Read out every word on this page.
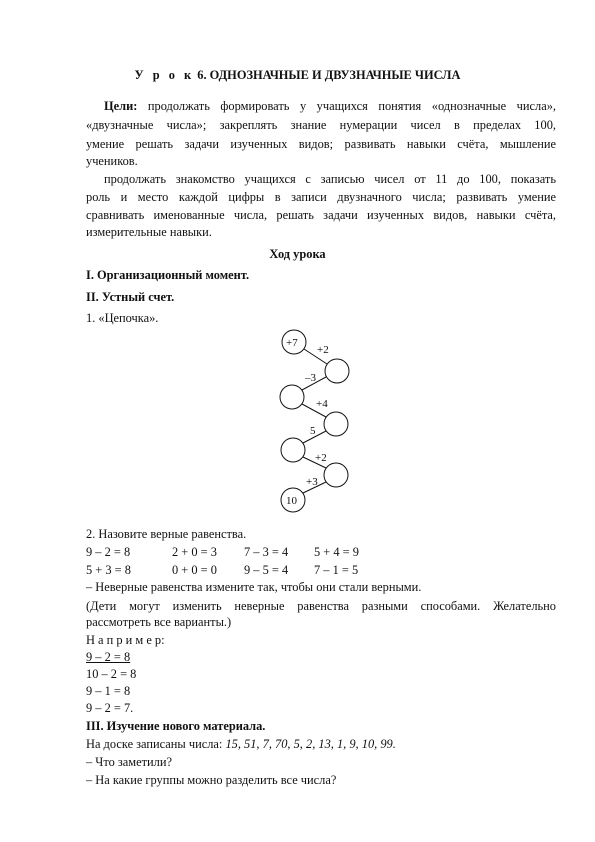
У р о к 6. ОДНОЗНАЧНЫЕ И ДВУЗНАЧНЫЕ ЧИСЛА
Цели: продолжать формировать у учащихся понятия «однозначные числа»,
«двузначные числа»; закреплять знание нумерации чисел в пределах 100,
умение решать задачи изученных видов; развивать навыки счёта, мышление
учеников.
продолжать знакомство учащихся с записью чисел от 11 до 100, показать
роль и место каждой цифры в записи двузначного числа; развивать умение
сравнивать именованные числа, решать задачи изученных видов, навыки счёта,
измерительные навыки.
Ход урока
I. Организационный момент.
II. Устный счет.
1. «Цепочка».
+7
+2
–3
+4
5
+2
+3
10
2. Назовите верные равенства.
9 – 2 = 8	2 + 0 = 3 7 – 3 = 4 5 + 4 = 9
5 + 3 = 8	0 + 0 = 0 9 – 5 = 4 7 – 1 = 5
– Неверные равенства измените так, чтобы они стали верными.
(Дети могут изменить неверные равенства разными способами. Желательно
рассмотреть все варианты.)
Н а п р и м е р:
9 – 2 = 8
10 – 2 = 8
9 – 1 = 8
9 – 2 = 7.
III. Изучение нового материала.
На доске записаны числа: 15, 51, 7, 70, 5, 2, 13, 1, 9, 10, 99.
– Что заметили?
– На какие группы можно разделить все числа?
